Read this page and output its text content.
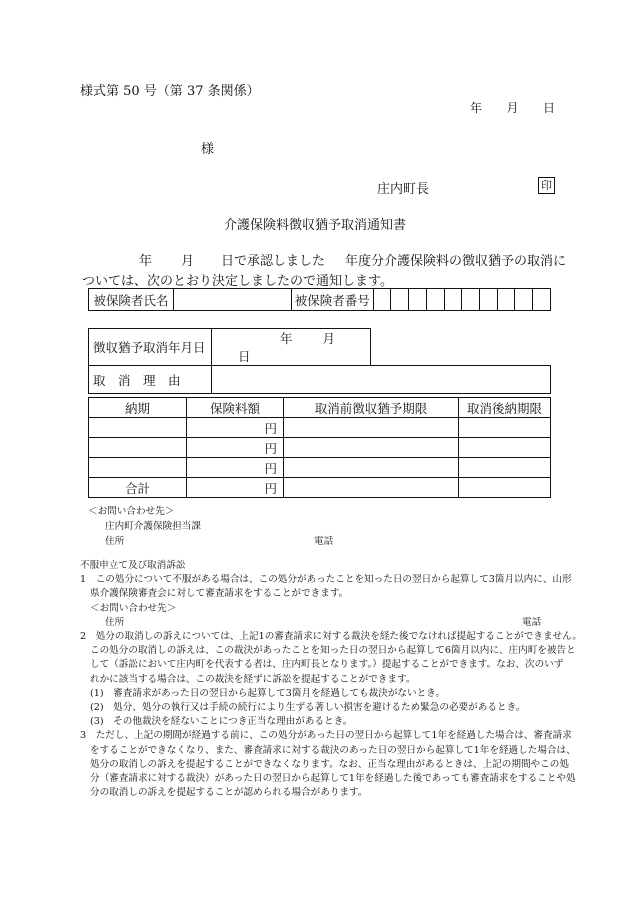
様式第 50 号（第 37 条関係）
年 月 日
様
庄内町長	印
介護保険料徴収猶予取消通知書
年 月 日で承認しました 年度分介護保険料の徴収猶予の取消に
ついては、次のとおり決定しましたので通知します。
被保険者氏名		被保険者番号										
徴収猶予取消年月日	年 月 日	
取　消　理　由		
納期	保険料額	取消前徴収猶予期限	取消後納期限
	円		
	円		
	円		
合計	円		
＜お問い合わせ先＞
庄内町介護保険担当課
住所	電話
不服申立て及び取消訴訟
1　この処分について不服がある場合は、この処分があったことを知った日の翌日から起算して3箇月以内に、山形
県介護保険審査会に対して審査請求をすることができます。
＜お問い合わせ先＞
住所	電話
2　処分の取消しの訴えについては、上記1の審査請求に対する裁決を経た後でなければ提起することができません。
この処分の取消しの訴えは、この裁決があったことを知った日の翌日から起算して6箇月以内に、庄内町を被告と
して（訴訟において庄内町を代表する者は、庄内町長となります。）提起することができます。なお、次のいず
れかに該当する場合は、この裁決を経ずに訴訟を提起することができます。
(1)　審査請求があった日の翌日から起算して3箇月を経過しても裁決がないとき。
(2)　処分、処分の執行又は手続の続行により生ずる著しい損害を避けるため緊急の必要があるとき。
(3)　その他裁決を経ないことにつき正当な理由があるとき。
3　ただし、上記の期間が経過する前に、この処分があった日の翌日から起算して1年を経過した場合は、審査請求
をすることができなくなり、また、審査請求に対する裁決のあった日の翌日から起算して1年を経過した場合は、
処分の取消しの訴えを提起することができなくなります。なお、正当な理由があるときは、上記の期間やこの処
分（審査請求に対する裁決）があった日の翌日から起算して1年を経過した後であっても審査請求をすることや処
分の取消しの訴えを提起することが認められる場合があります。
